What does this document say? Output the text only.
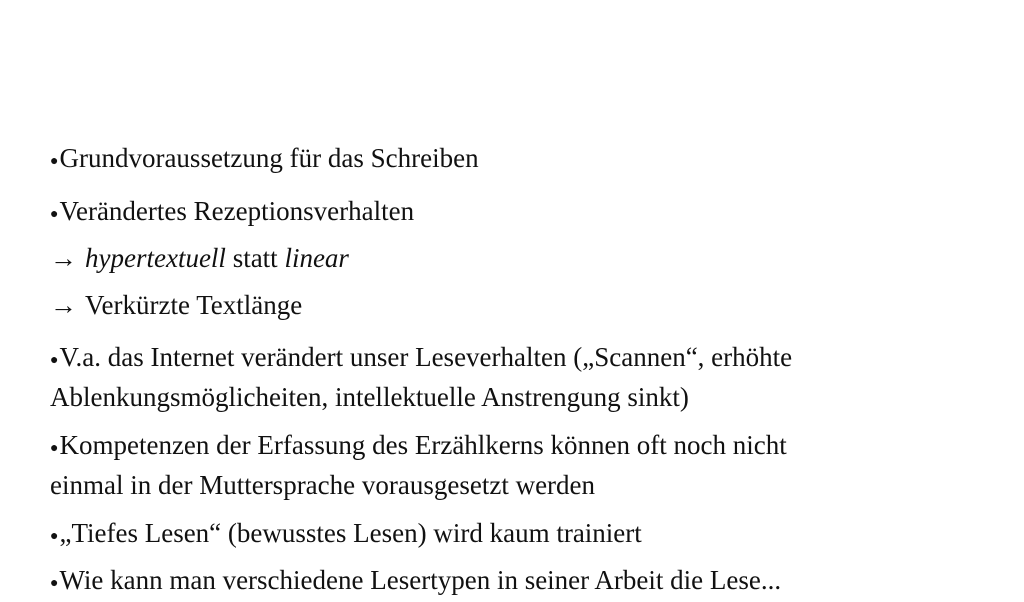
●Grundvoraussetzung für das Schreiben
●Verändertes Rezeptionsverhalten
→ hypertextuell statt linear
→ Verkürzte Textlänge
●V.a. das Internet verändert unser Leseverhalten („Scannen“, erhöhte
Ablenkungsmöglicheiten, intellektuelle Anstrengung sinkt)
●Kompetenzen der Erfassung des Erzählkerns können oft noch nicht
einmal in der Muttersprache vorausgesetzt werden
●„Tiefes Lesen“ (bewusstes Lesen) wird kaum trainiert
●Wie kann man verschiedene Lesertypen in seiner Arbeit die Lese...
